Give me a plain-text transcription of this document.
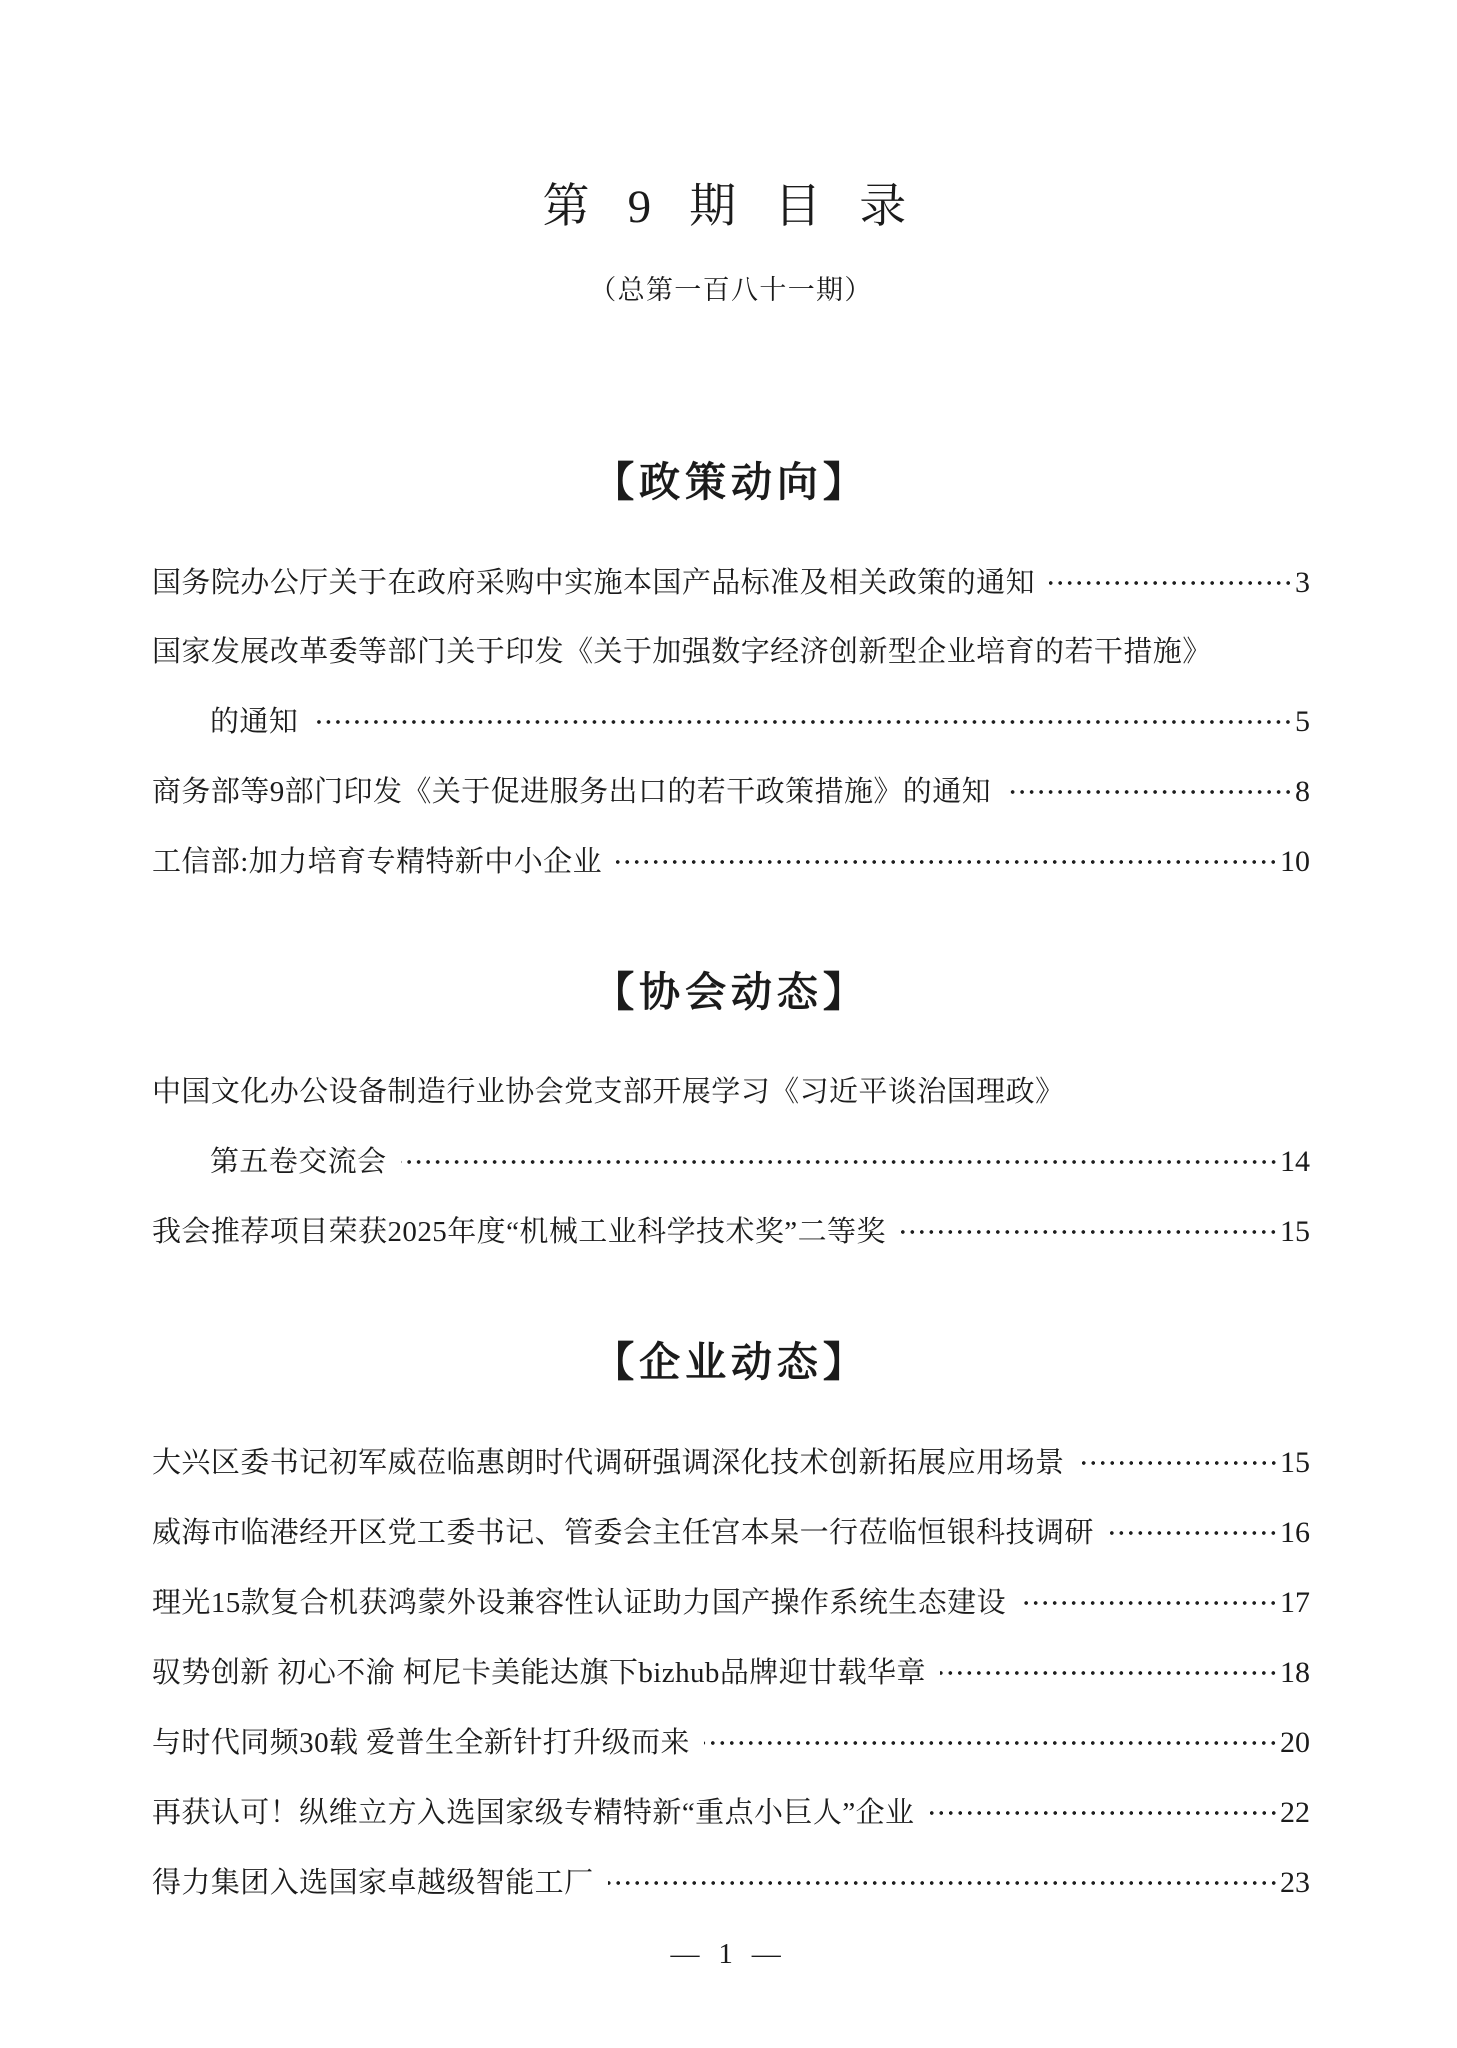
第 9 期 目 录
（总第一百八十一期）
【政策动向】
国务院办公厅关于在政府采购中实施本国产品标准及相关政策的通知	3
国家发展改革委等部门关于印发《关于加强数字经济创新型企业培育的若干措施》
的通知	5
商务部等9部门印发《关于促进服务出口的若干政策措施》的通知	8
工信部:加力培育专精特新中小企业	10
【协会动态】
中国文化办公设备制造行业协会党支部开展学习《习近平谈治国理政》
第五卷交流会	14
我会推荐项目荣获2025年度“机械工业科学技术奖”二等奖	15
【企业动态】
大兴区委书记初军威莅临惠朗时代调研强调深化技术创新拓展应用场景	15
威海市临港经开区党工委书记、管委会主任宫本杲一行莅临恒银科技调研	16
理光15款复合机获鸿蒙外设兼容性认证助力国产操作系统生态建设	17
驭势创新 初心不渝 柯尼卡美能达旗下bizhub品牌迎廿载华章	18
与时代同频30载 爱普生全新针打升级而来	20
再获认可！纵维立方入选国家级专精特新“重点小巨人”企业	22
得力集团入选国家卓越级智能工厂	23
— 1 —
